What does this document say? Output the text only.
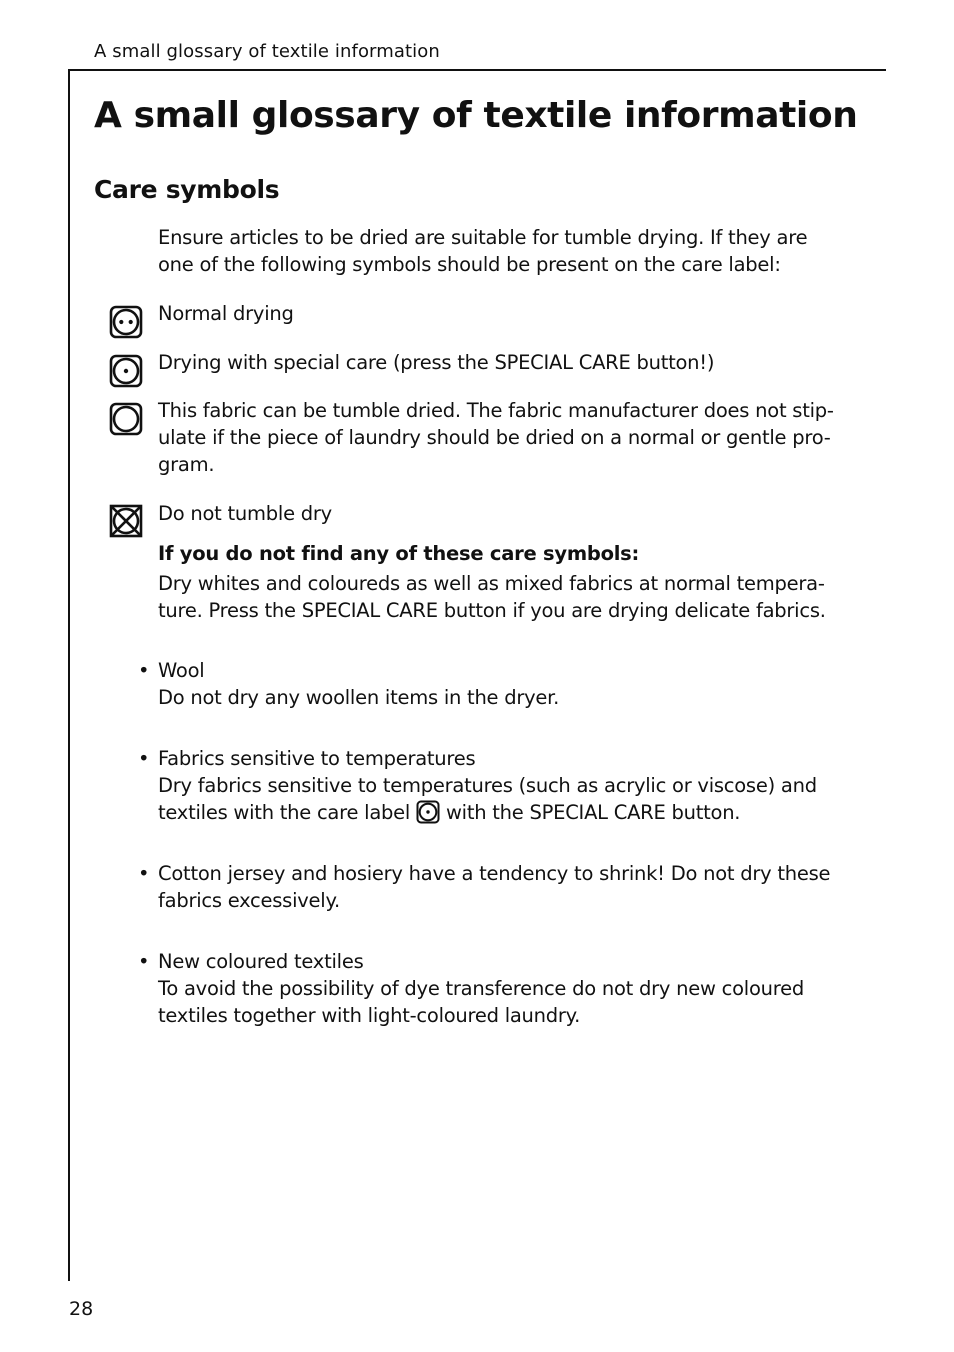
A small glossary of textile information
A small glossary of textile information
Care symbols

Ensure articles to be dried are suitable for tumble drying. If they are
one of the following symbols should be present on the care label:

Normal drying

Drying with special care (press the SPECIAL CARE button!)

This fabric can be tumble dried. The fabric manufacturer does not stip-
ulate if the piece of laundry should be dried on a normal or gentle pro-
gram.

Do not tumble dry

If you do not find any of these care symbols:

Dry whites and coloureds as well as mixed fabrics at normal tempera-
ture. Press the SPECIAL CARE button if you are drying delicate fabrics.

• Wool
Do not dry any woollen items in the dryer.

• Fabrics sensitive to temperatures
Dry fabrics sensitive to temperatures (such as acrylic or viscose) and
textiles with the care label with the SPECIAL CARE button.

• Cotton jersey and hosiery have a tendency to shrink! Do not dry these
fabrics excessively.

• New coloured textiles
To avoid the possibility of dye transference do not dry new coloured
textiles together with light-coloured laundry.

28
